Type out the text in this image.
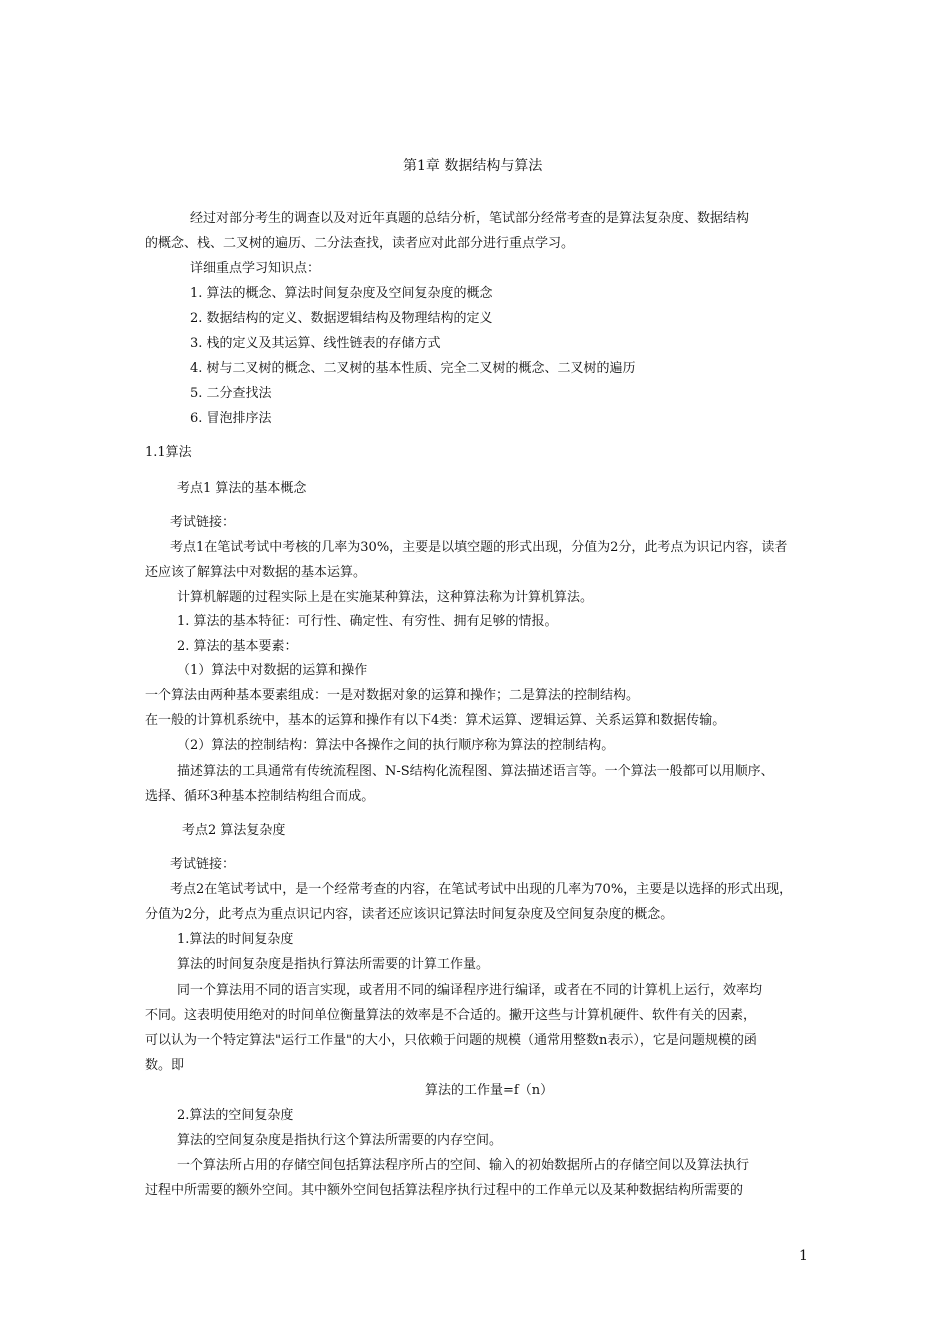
第1章 数据结构与算法
经过对部分考生的调查以及对近年真题的总结分析，笔试部分经常考查的是算法复杂度、数据结构
的概念、栈、二叉树的遍历、二分法查找，读者应对此部分进行重点学习。
详细重点学习知识点：
1. 算法的概念、算法时间复杂度及空间复杂度的概念
2. 数据结构的定义、数据逻辑结构及物理结构的定义
3. 栈的定义及其运算、线性链表的存储方式
4. 树与二叉树的概念、二叉树的基本性质、完全二叉树的概念、二叉树的遍历
5. 二分查找法
6. 冒泡排序法
1.1算法
考点1 算法的基本概念
考试链接：
考点1在笔试考试中考核的几率为30%，主要是以填空题的形式出现，分值为2分，此考点为识记内容，读者
还应该了解算法中对数据的基本运算。
计算机解题的过程实际上是在实施某种算法，这种算法称为计算机算法。
1. 算法的基本特征：可行性、确定性、有穷性、拥有足够的情报。
2. 算法的基本要素：
（1）算法中对数据的运算和操作
一个算法由两种基本要素组成：一是对数据对象的运算和操作；二是算法的控制结构。
在一般的计算机系统中，基本的运算和操作有以下4类：算术运算、逻辑运算、关系运算和数据传输。
（2）算法的控制结构：算法中各操作之间的执行顺序称为算法的控制结构。
描述算法的工具通常有传统流程图、N-S结构化流程图、算法描述语言等。一个算法一般都可以用顺序、
选择、循环3种基本控制结构组合而成。
考点2 算法复杂度
考试链接：
考点2在笔试考试中，是一个经常考查的内容，在笔试考试中出现的几率为70%，主要是以选择的形式出现，
分值为2分，此考点为重点识记内容，读者还应该识记算法时间复杂度及空间复杂度的概念。
1.算法的时间复杂度
算法的时间复杂度是指执行算法所需要的计算工作量。
同一个算法用不同的语言实现，或者用不同的编译程序进行编译，或者在不同的计算机上运行，效率均
不同。这表明使用绝对的时间单位衡量算法的效率是不合适的。撇开这些与计算机硬件、软件有关的因素，
可以认为一个特定算法"运行工作量"的大小，只依赖于问题的规模（通常用整数n表示），它是问题规模的函
数。即
算法的工作量=f（n）
2.算法的空间复杂度
算法的空间复杂度是指执行这个算法所需要的内存空间。
一个算法所占用的存储空间包括算法程序所占的空间、输入的初始数据所占的存储空间以及算法执行
过程中所需要的额外空间。其中额外空间包括算法程序执行过程中的工作单元以及某种数据结构所需要的
1
